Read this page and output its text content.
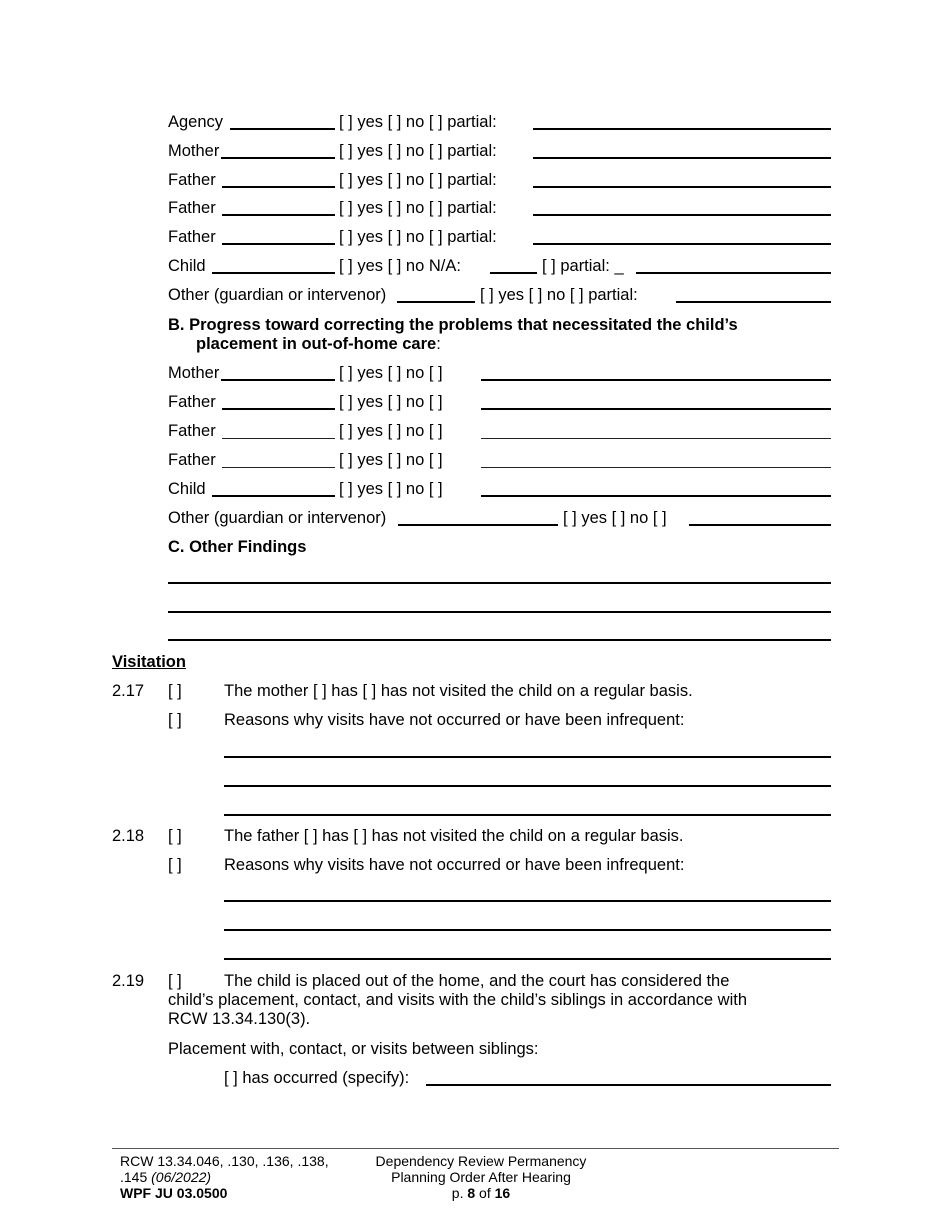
Agency	[ ] yes [ ] no [ ] partial:
Mother	[ ] yes [ ] no [ ] partial:
Father	[ ] yes [ ] no [ ] partial:
Father	[ ] yes [ ] no [ ] partial:
Father	[ ] yes [ ] no [ ] partial:
Child	[ ] yes [ ] no N/A:	[ ] partial: _
Other (guardian or intervenor)	[ ] yes [ ] no [ ] partial:
B. Progress toward correcting the problems that necessitated the child’s
placement in out-of-home care:
Mother	[ ] yes [ ] no [ ]
Father	[ ] yes [ ] no [ ]
Father	[ ] yes [ ] no [ ]
Father	[ ] yes [ ] no [ ]
Child	[ ] yes [ ] no [ ]
Other (guardian or intervenor)	[ ] yes [ ] no [ ]
C. Other Findings
Visitation
2.17 [ ]	The mother [ ] has [ ] has not visited the child on a regular basis.
[ ]	Reasons why visits have not occurred or have been infrequent:
2.18 [ ]	The father [ ] has [ ] has not visited the child on a regular basis.
[ ]	Reasons why visits have not occurred or have been infrequent:
2.19 [ ]	The child is placed out of the home, and the court has considered the
child’s placement, contact, and visits with the child’s siblings in accordance with
RCW 13.34.130(3).
Placement with, contact, or visits between siblings:
[ ] has occurred (specify):
RCW 13.34.046, .130, .136, .138,
.145 (06/2022)
WPF JU 03.0500
Dependency Review Permanency
Planning Order After Hearing
p. 8 of 16
